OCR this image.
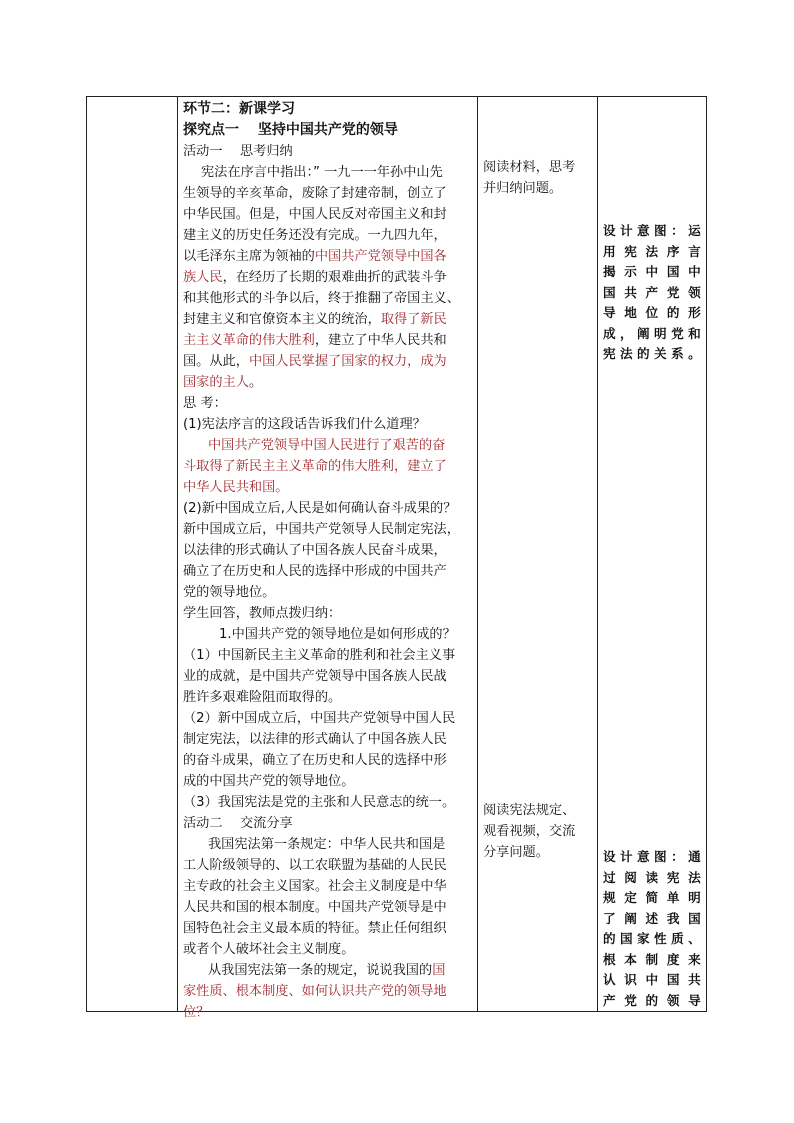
环节二：新课学习

探究点一　 坚持中国共产党的领导

活动一　 思考归纳

宪法在序言中指出：” 一九一一年孙中山先

生领导的辛亥革命，废除了封建帝制，创立了

中华民国。但是，中国人民反对帝国主义和封

建主义的历史任务还没有完成。一九四九年，

以毛泽东主席为领袖的中国共产党领导中国各

族人民，在经历了长期的艰难曲折的武装斗争

和其他形式的斗争以后，终于推翻了帝国主义、

封建主义和官僚资本主义的统治，取得了新民

主主义革命的伟大胜利，建立了中华人民共和

国。从此，中国人民掌握了国家的权力，成为

国家的主人。

思 考：

(1)宪法序言的这段话告诉我们什么道理？

中国共产党领导中国人民进行了艰苦的奋

斗取得了新民主主义革命的伟大胜利，建立了

中华人民共和国。

(2)新中国成立后,人民是如何确认奋斗成果的？

新中国成立后，中国共产党领导人民制定宪法，

以法律的形式确认了中国各族人民奋斗成果，

确立了在历史和人民的选择中形成的中国共产

党的领导地位。

学生回答，教师点拨归纳：

1.中国共产党的领导地位是如何形成的？

（1）中国新民主主义革命的胜利和社会主义事

业的成就，是中国共产党领导中国各族人民战

胜许多艰难险阻而取得的。

（2）新中国成立后，中国共产党领导中国人民

制定宪法，以法律的形式确认了中国各族人民

的奋斗成果，确立了在历史和人民的选择中形

成的中国共产党的领导地位。

（3）我国宪法是党的主张和人民意志的统一。

活动二　 交流分享

我国宪法第一条规定：中华人民共和国是

工人阶级领导的、以工农联盟为基础的人民民

主专政的社会主义国家。社会主义制度是中华

人民共和国的根本制度。中国共产党领导是中

国特色社会主义最本质的特征。禁止任何组织

或者个人破坏社会主义制度。

从我国宪法第一条的规定，说说我国的国

家性质、根本制度、如何认识共产党的领导地

位？

阅读材料，思考

并归纳问题。

阅读宪法规定、

观看视频，交流

分享问题。

设计意图：运

用宪法序言

揭示中国中

国共产党领

导地位的形

成，阐明党和

宪法的关系。

设计意图：通

过阅读宪法

规定简单明

了阐述我国

的国家性质、

根本制度来

认识中国共

产党的领导
